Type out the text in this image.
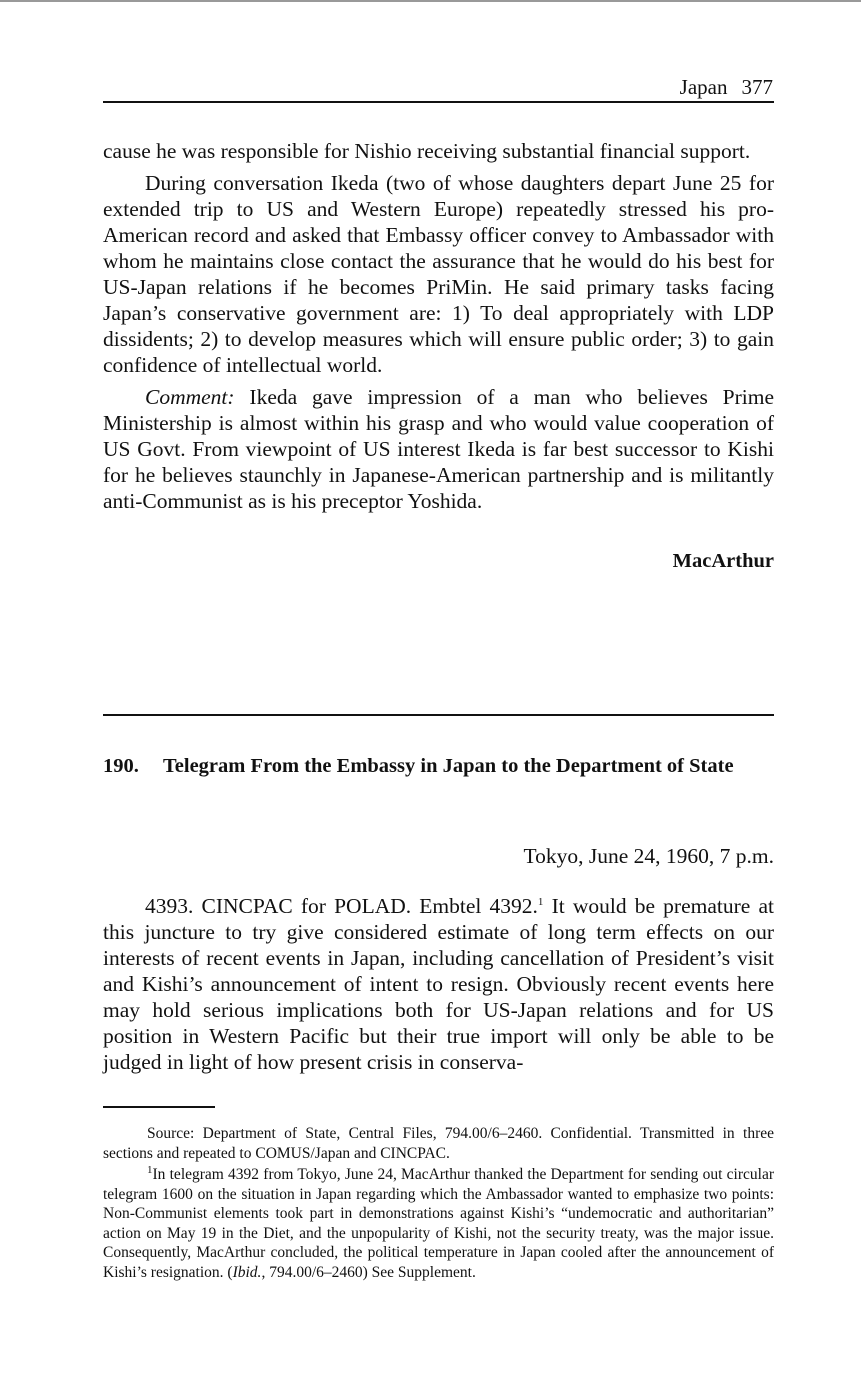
Japan 377

cause he was responsible for Nishio receiving substantial financial support.

During conversation Ikeda (two of whose daughters depart June 25 for extended trip to US and Western Europe) repeatedly stressed his pro-American record and asked that Embassy officer convey to Ambassador with whom he maintains close contact the assurance that he would do his best for US-Japan relations if he becomes PriMin. He said primary tasks facing Japan’s conservative government are: 1) To deal appropriately with LDP dissidents; 2) to develop measures which will ensure public order; 3) to gain confidence of intellectual world.

Comment: Ikeda gave impression of a man who believes Prime Ministership is almost within his grasp and who would value cooperation of US Govt. From viewpoint of US interest Ikeda is far best successor to Kishi for he believes staunchly in Japanese-American partnership and is militantly anti-Communist as is his preceptor Yoshida.

MacArthur
190. Telegram From the Embassy in Japan to the Department of State
Tokyo, June 24, 1960, 7 p.m.

4393. CINCPAC for POLAD. Embtel 4392.$^1$ It would be premature at this juncture to try give considered estimate of long term effects on our interests of recent events in Japan, including cancellation of President’s visit and Kishi’s announcement of intent to resign. Obviously recent events here may hold serious implications both for US-Japan relations and for US position in Western Pacific but their true import will only be able to be judged in light of how present crisis in conserva-

Source: Department of State, Central Files, 794.00/6–2460. Confidential. Transmitted in three sections and repeated to COMUS/Japan and CINCPAC.

$^1$In telegram 4392 from Tokyo, June 24, MacArthur thanked the Department for sending out circular telegram 1600 on the situation in Japan regarding which the Ambassador wanted to emphasize two points: Non-Communist elements took part in demonstrations against Kishi’s “undemocratic and authoritarian” action on May 19 in the Diet, and the unpopularity of Kishi, not the security treaty, was the major issue. Consequently, MacArthur concluded, the political temperature in Japan cooled after the announcement of Kishi’s resignation. (Ibid., 794.00/6–2460) See Supplement.
